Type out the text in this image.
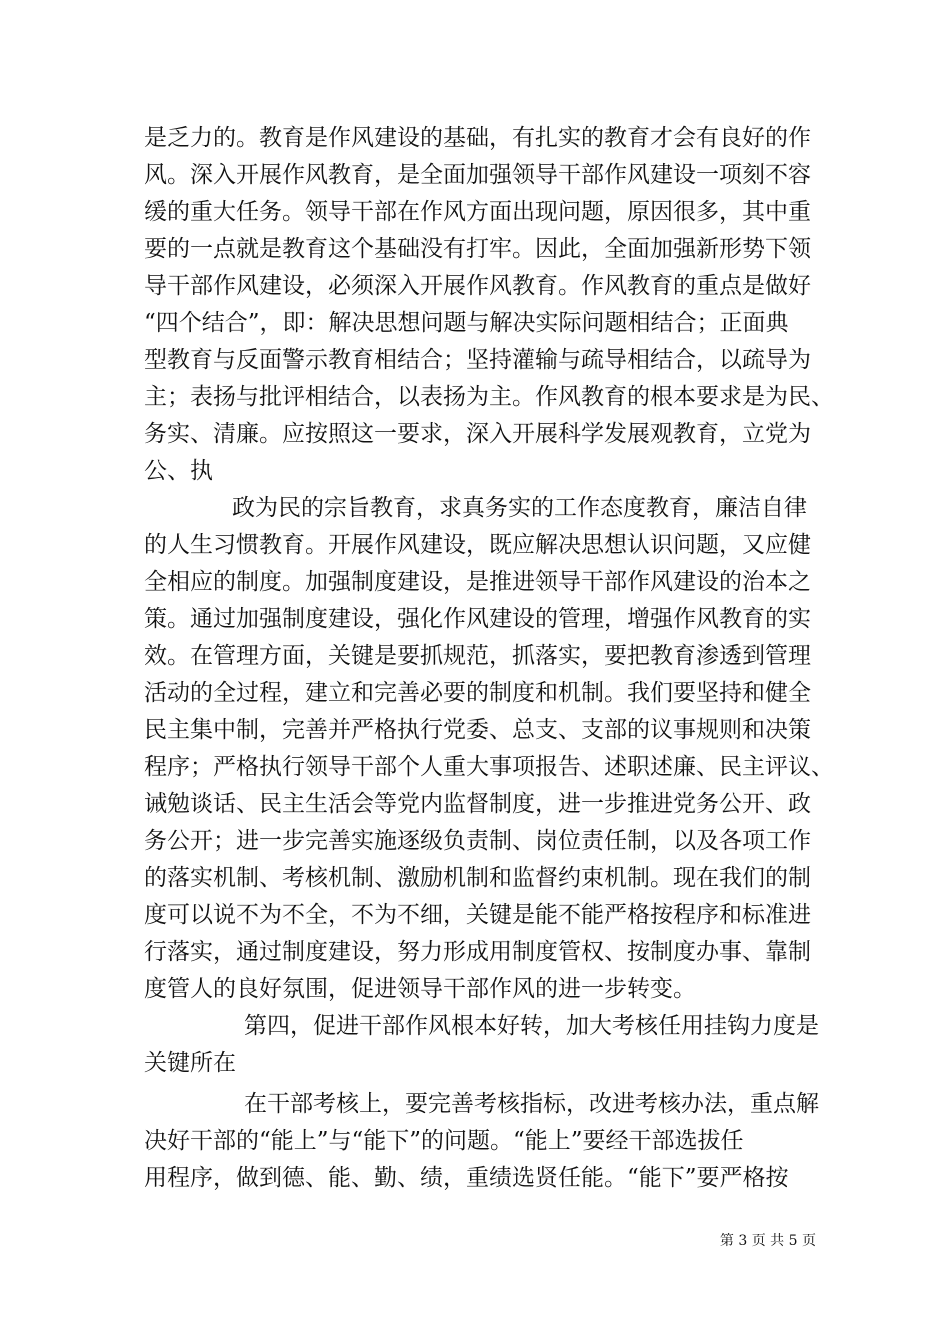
是乏力的。教育是作风建设的基础，有扎实的教育才会有良好的作
风。深入开展作风教育，是全面加强领导干部作风建设一项刻不容
缓的重大任务。领导干部在作风方面出现问题，原因很多，其中重
要的一点就是教育这个基础没有打牢。因此，全面加强新形势下领
导干部作风建设，必须深入开展作风教育。作风教育的重点是做好
“四个结合”，即：解决思想问题与解决实际问题相结合；正面典
型教育与反面警示教育相结合；坚持灌输与疏导相结合，以疏导为
主；表扬与批评相结合，以表扬为主。作风教育的根本要求是为民、
务实、清廉。应按照这一要求，深入开展科学发展观教育，立党为
公、执
政为民的宗旨教育，求真务实的工作态度教育，廉洁自律
的人生习惯教育。开展作风建设，既应解决思想认识问题，又应健
全相应的制度。加强制度建设，是推进领导干部作风建设的治本之
策。通过加强制度建设，强化作风建设的管理，增强作风教育的实
效。在管理方面，关键是要抓规范，抓落实，要把教育渗透到管理
活动的全过程，建立和完善必要的制度和机制。我们要坚持和健全
民主集中制，完善并严格执行党委、总支、支部的议事规则和决策
程序；严格执行领导干部个人重大事项报告、述职述廉、民主评议、
诫勉谈话、民主生活会等党内监督制度，进一步推进党务公开、政
务公开；进一步完善实施逐级负责制、岗位责任制，以及各项工作
的落实机制、考核机制、激励机制和监督约束机制。现在我们的制
度可以说不为不全，不为不细，关键是能不能严格按程序和标准进
行落实，通过制度建设，努力形成用制度管权、按制度办事、靠制
度管人的良好氛围，促进领导干部作风的进一步转变。
第四，促进干部作风根本好转，加大考核任用挂钩力度是
关键所在
在干部考核上，要完善考核指标，改进考核办法，重点解
决好干部的“能上”与“能下”的问题。“能上”要经干部选拔任
用程序，做到德、能、勤、绩，重绩选贤任能。“能下”要严格按
第 3 页 共 5 页
